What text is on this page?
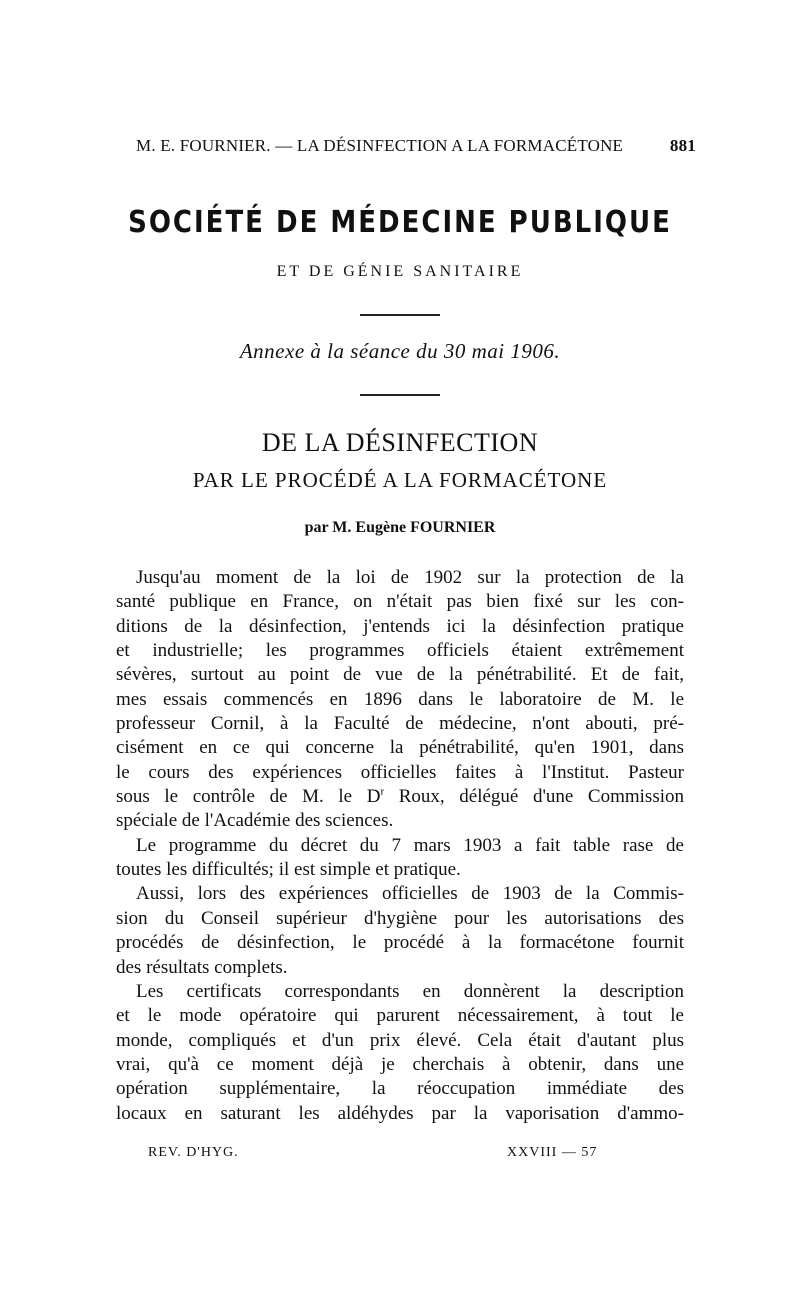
M. E. FOURNIER. — LA DÉSINFECTION A LA FORMACÉTONE	881
SOCIÉTÉ DE MÉDECINE PUBLIQUE
ET DE GÉNIE SANITAIRE
Annexe à la séance du 30 mai 1906.
DE LA DÉSINFECTION
PAR LE PROCÉDÉ A LA FORMACÉTONE
par M. Eugène FOURNIER
Jusqu'au moment de la loi de 1902 sur la protection de la
santé publique en France, on n'était pas bien fixé sur les con-
ditions de la désinfection, j'entends ici la désinfection pratique
et industrielle; les programmes officiels étaient extrêmement
sévères, surtout au point de vue de la pénétrabilité. Et de fait,
mes essais commencés en 1896 dans le laboratoire de M. le
professeur Cornil, à la Faculté de médecine, n'ont abouti, pré-
cisément en ce qui concerne la pénétrabilité, qu'en 1901, dans
le cours des expériences officielles faites à l'Institut. Pasteur
sous le contrôle de M. le $D^r$ Roux, délégué d'une Commission
spéciale de l'Académie des sciences.
Le programme du décret du 7 mars 1903 a fait table rase de
toutes les difficultés; il est simple et pratique.
Aussi, lors des expériences officielles de 1903 de la Commis-
sion du Conseil supérieur d'hygiène pour les autorisations des
procédés de désinfection, le procédé à la formacétone fournit
des résultats complets.
Les certificats correspondants en donnèrent la description
et le mode opératoire qui parurent nécessairement, à tout le
monde, compliqués et d'un prix élevé. Cela était d'autant plus
vrai, qu'à ce moment déjà je cherchais à obtenir, dans une
opération supplémentaire, la réoccupation immédiate des
locaux en saturant les aldéhydes par la vaporisation d'ammo-
REV. D'HYG.	XXVIII — 57
